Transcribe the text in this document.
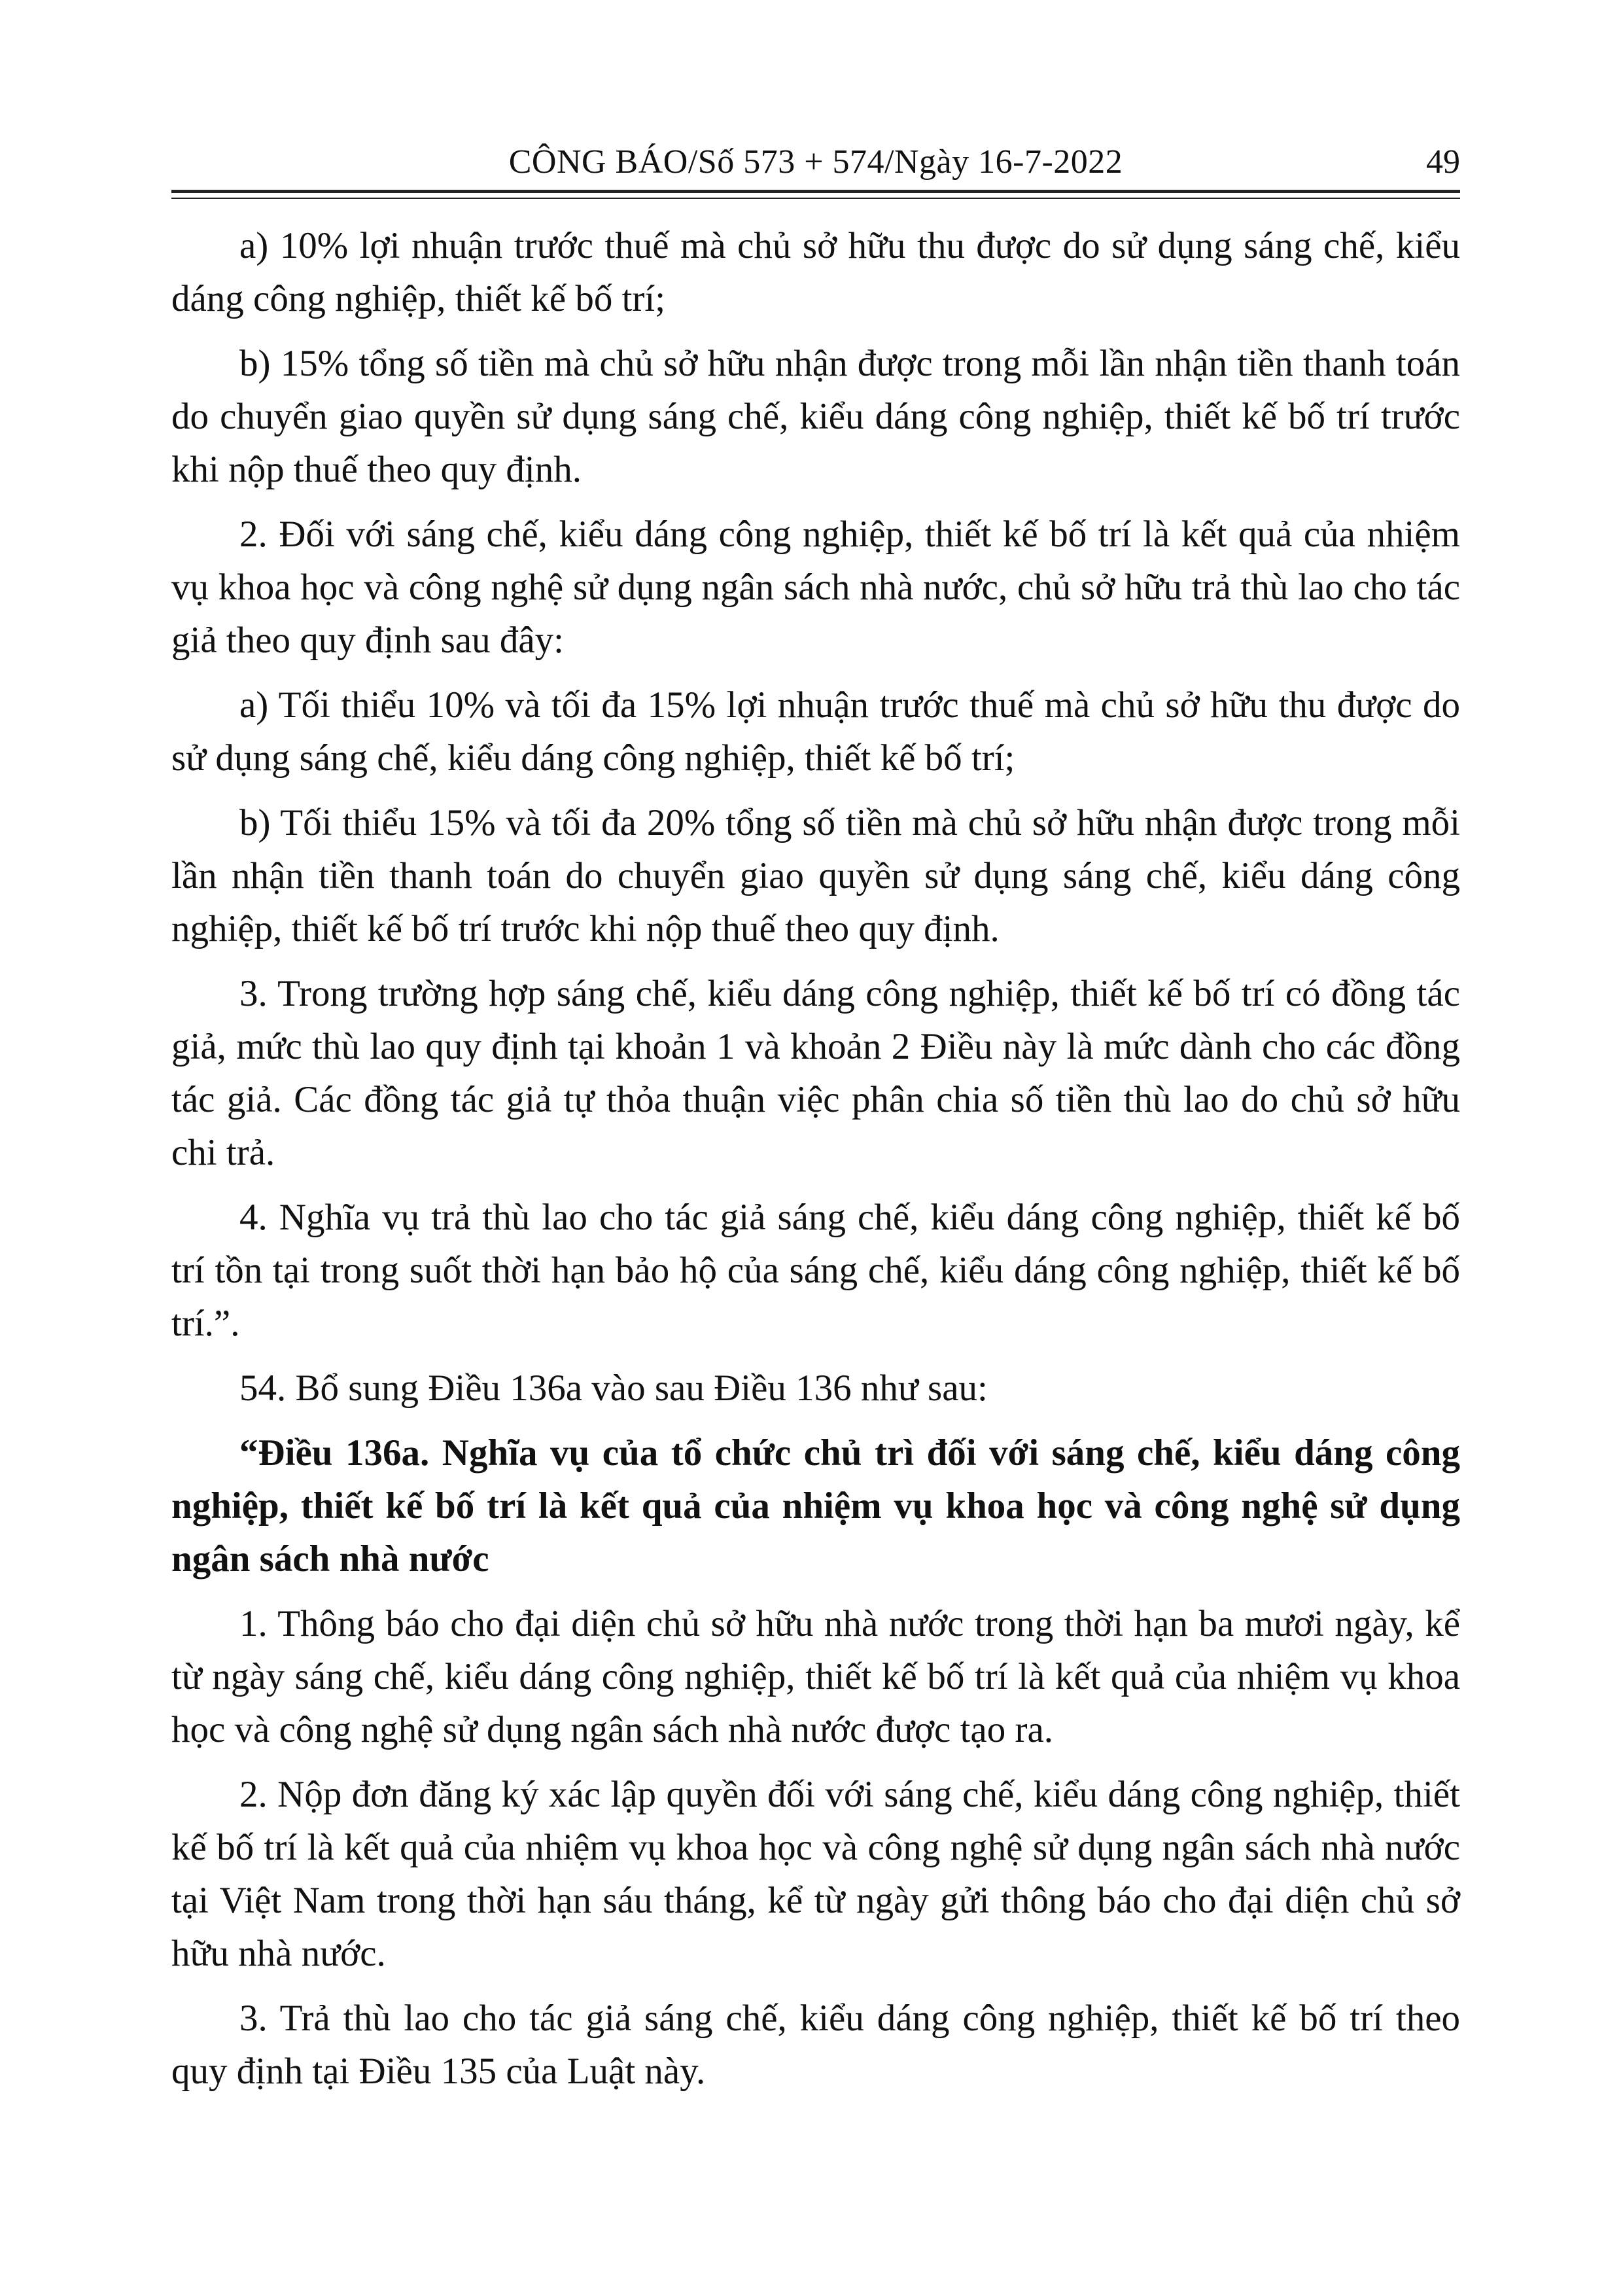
CÔNG BÁO/Số 573 + 574/Ngày 16-7-2022	49

a) 10% lợi nhuận trước thuế mà chủ sở hữu thu được do sử dụng sáng chế, kiểu dáng công nghiệp, thiết kế bố trí;

b) 15% tổng số tiền mà chủ sở hữu nhận được trong mỗi lần nhận tiền thanh toán do chuyển giao quyền sử dụng sáng chế, kiểu dáng công nghiệp, thiết kế bố trí trước khi nộp thuế theo quy định.

2. Đối với sáng chế, kiểu dáng công nghiệp, thiết kế bố trí là kết quả của nhiệm vụ khoa học và công nghệ sử dụng ngân sách nhà nước, chủ sở hữu trả thù lao cho tác giả theo quy định sau đây:

a) Tối thiểu 10% và tối đa 15% lợi nhuận trước thuế mà chủ sở hữu thu được do sử dụng sáng chế, kiểu dáng công nghiệp, thiết kế bố trí;

b) Tối thiểu 15% và tối đa 20% tổng số tiền mà chủ sở hữu nhận được trong mỗi lần nhận tiền thanh toán do chuyển giao quyền sử dụng sáng chế, kiểu dáng công nghiệp, thiết kế bố trí trước khi nộp thuế theo quy định.

3. Trong trường hợp sáng chế, kiểu dáng công nghiệp, thiết kế bố trí có đồng tác giả, mức thù lao quy định tại khoản 1 và khoản 2 Điều này là mức dành cho các đồng tác giả. Các đồng tác giả tự thỏa thuận việc phân chia số tiền thù lao do chủ sở hữu chi trả.

4. Nghĩa vụ trả thù lao cho tác giả sáng chế, kiểu dáng công nghiệp, thiết kế bố trí tồn tại trong suốt thời hạn bảo hộ của sáng chế, kiểu dáng công nghiệp, thiết kế bố trí.”.

54. Bổ sung Điều 136a vào sau Điều 136 như sau:

“Điều 136a. Nghĩa vụ của tổ chức chủ trì đối với sáng chế, kiểu dáng công nghiệp, thiết kế bố trí là kết quả của nhiệm vụ khoa học và công nghệ sử dụng ngân sách nhà nước

1. Thông báo cho đại diện chủ sở hữu nhà nước trong thời hạn ba mươi ngày, kể từ ngày sáng chế, kiểu dáng công nghiệp, thiết kế bố trí là kết quả của nhiệm vụ khoa học và công nghệ sử dụng ngân sách nhà nước được tạo ra.

2. Nộp đơn đăng ký xác lập quyền đối với sáng chế, kiểu dáng công nghiệp, thiết kế bố trí là kết quả của nhiệm vụ khoa học và công nghệ sử dụng ngân sách nhà nước tại Việt Nam trong thời hạn sáu tháng, kể từ ngày gửi thông báo cho đại diện chủ sở hữu nhà nước.

3. Trả thù lao cho tác giả sáng chế, kiểu dáng công nghiệp, thiết kế bố trí theo quy định tại Điều 135 của Luật này.
